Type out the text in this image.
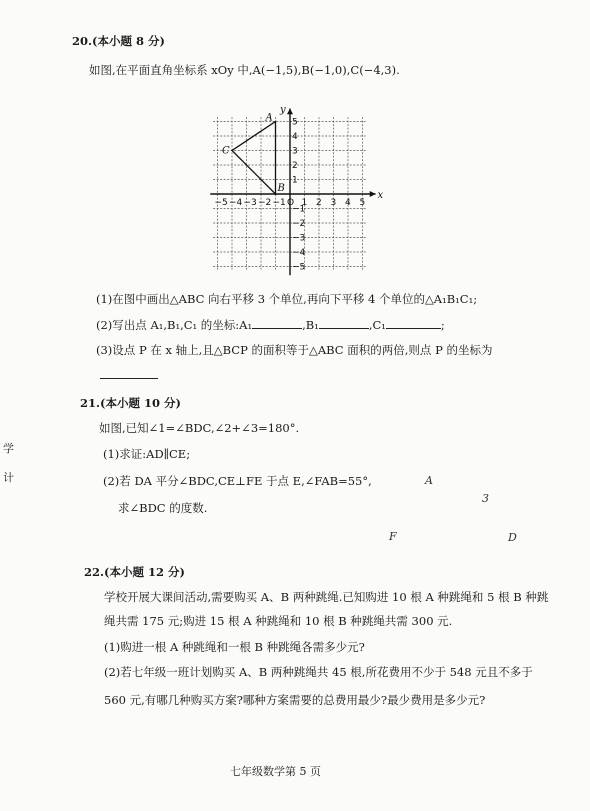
20.(本小题 8 分)
如图,在平面直角坐标系 xOy 中,A(−1,5),B(−1,0),C(−4,3).
−5 −4 −3 −2 −1 O 1 2 3 4 5
5
4
3
2
1
−1
−2
−3
−4
−5
x
y
A
B
C
(1)在图中画出△ABC 向右平移 3 个单位,再向下平移 4 个单位的△A₁B₁C₁;
(2)写出点 A₁,B₁,C₁ 的坐标:A₁	,B₁	,C₁	;
(3)设点 P 在 x 轴上,且△BCP 的面积等于△ABC 面积的两倍,则点 P 的坐标为
21.(本小题 10 分)
如图,已知∠1=∠BDC,∠2+∠3=180°.
(1)求证:AD∥CE;
(2)若 DA 平分∠BDC,CE⊥FE 于点 E,∠FAB=55°,
求∠BDC 的度数.
A
3
F	D
学
计
22.(本小题 12 分)
学校开展大课间活动,需要购买 A、B 两种跳绳.已知购进 10 根 A 种跳绳和 5 根 B 种跳
绳共需 175 元;购进 15 根 A 种跳绳和 10 根 B 种跳绳共需 300 元.
(1)购进一根 A 种跳绳和一根 B 种跳绳各需多少元?
(2)若七年级一班计划购买 A、B 两种跳绳共 45 根,所花费用不少于 548 元且不多于
560 元,有哪几种购买方案?哪种方案需要的总费用最少?最少费用是多少元?
七年级数学第 5 页
